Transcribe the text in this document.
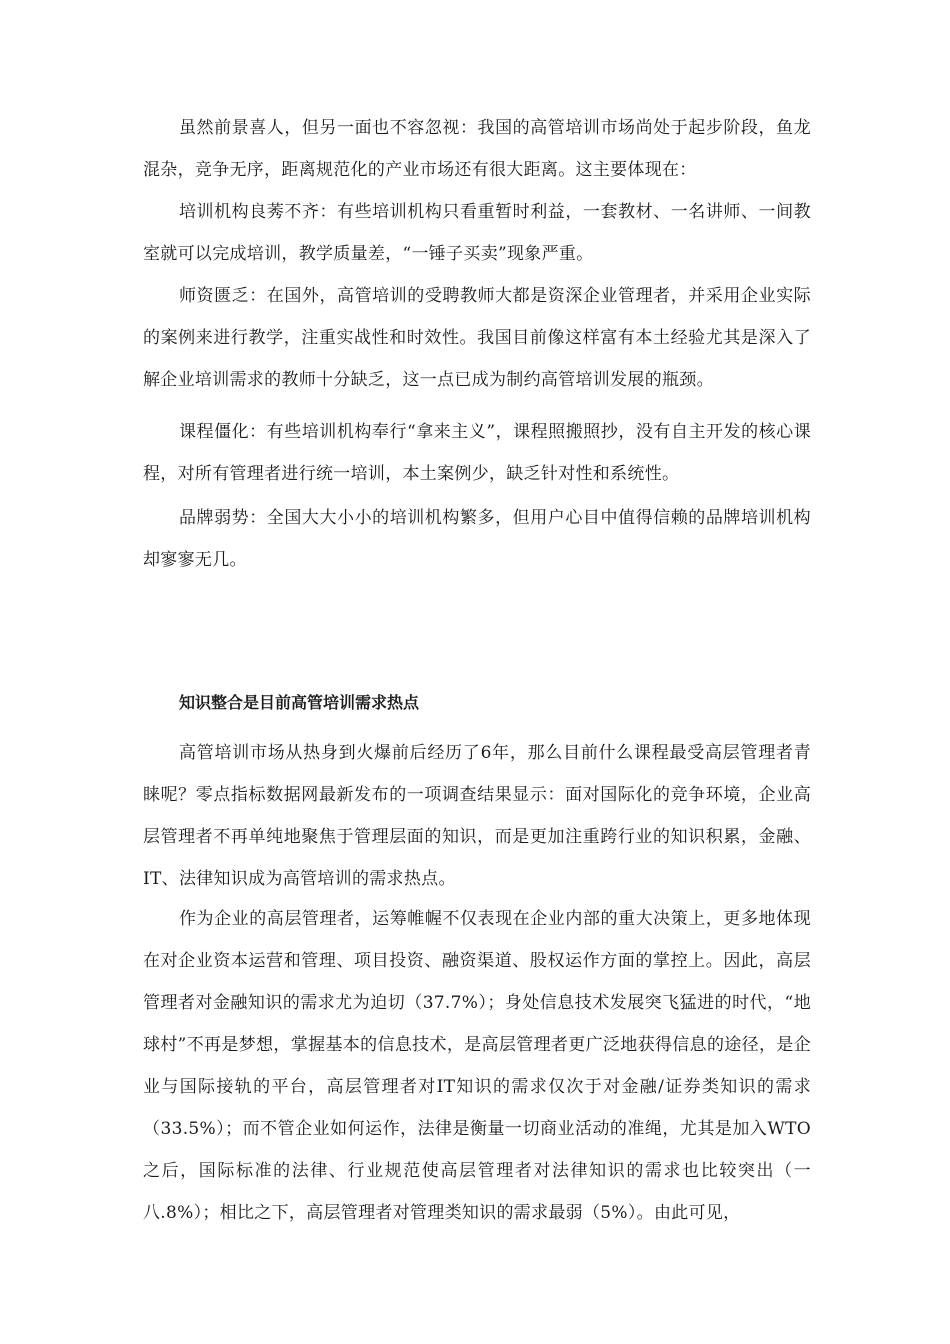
虽然前景喜人，但另一面也不容忽视：我国的高管培训市场尚处于起步阶段，鱼龙混杂，竞争无序，距离规范化的产业市场还有很大距离。这主要体现在：

培训机构良莠不齐：有些培训机构只看重暂时利益，一套教材、一名讲师、一间教室就可以完成培训，教学质量差，“一锤子买卖”现象严重。

师资匮乏：在国外，高管培训的受聘教师大都是资深企业管理者，并采用企业实际的案例来进行教学，注重实战性和时效性。我国目前像这样富有本土经验尤其是深入了解企业培训需求的教师十分缺乏，这一点已成为制约高管培训发展的瓶颈。

课程僵化：有些培训机构奉行“拿来主义”，课程照搬照抄，没有自主开发的核心课程，对所有管理者进行统一培训，本土案例少，缺乏针对性和系统性。

品牌弱势：全国大大小小的培训机构繁多，但用户心目中值得信赖的品牌培训机构却寥寥无几。

知识整合是目前高管培训需求热点

高管培训市场从热身到火爆前后经历了6年，那么目前什么课程最受高层管理者青睐呢？零点指标数据网最新发布的一项调查结果显示：面对国际化的竞争环境，企业高层管理者不再单纯地聚焦于管理层面的知识，而是更加注重跨行业的知识积累，金融、IT、法律知识成为高管培训的需求热点。

作为企业的高层管理者，运筹帷幄不仅表现在企业内部的重大决策上，更多地体现在对企业资本运营和管理、项目投资、融资渠道、股权运作方面的掌控上。因此，高层管理者对金融知识的需求尤为迫切（37.7%）；身处信息技术发展突飞猛进的时代，“地球村”不再是梦想，掌握基本的信息技术，是高层管理者更广泛地获得信息的途径，是企业与国际接轨的平台，高层管理者对IT知识的需求仅次于对金融/证券类知识的需求（33.5%）；而不管企业如何运作，法律是衡量一切商业活动的准绳，尤其是加入WTO之后，国际标准的法律、行业规范使高层管理者对法律知识的需求也比较突出（一八.8%）；相比之下，高层管理者对管理类知识的需求最弱（5%）。由此可见，
